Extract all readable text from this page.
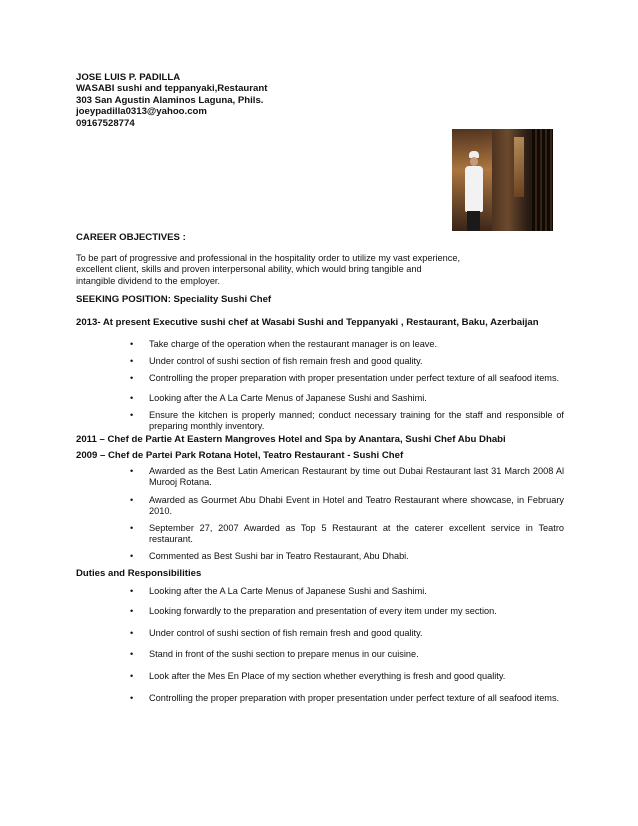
JOSE LUIS P. PADILLA
WASABI sushi and teppanyaki,Restaurant
303 San Agustin Alaminos Laguna, Phils.
joeypadilla0313@yahoo.com
09167528774
CAREER OBJECTIVES :
To be part of progressive and professional in the hospitality order to utilize my vast experience,
excellent client, skills and proven interpersonal ability, which would bring tangible and
intangible dividend to the employer.
SEEKING POSITION: Speciality Sushi Chef
2013- At present Executive sushi chef at Wasabi Sushi and Teppanyaki , Restaurant, Baku, Azerbaijan
• Take charge of the operation when the restaurant manager is on leave.
• Under control of sushi section of fish remain fresh and good quality.
• Controlling the proper preparation with proper presentation under perfect texture of all seafood items.
• Looking after the A La Carte Menus of Japanese Sushi and Sashimi.
• Ensure the kitchen is properly manned; conduct necessary training for the staff and responsible of preparing monthly inventory.
2011 – Chef de Partie At Eastern Mangroves Hotel and Spa by Anantara, Sushi Chef Abu Dhabi
2009 – Chef de Partei Park Rotana Hotel, Teatro Restaurant - Sushi Chef
• Awarded as the Best Latin American Restaurant by time out Dubai Restaurant last 31 March 2008 Al Murooj Rotana.
• Awarded as Gourmet Abu Dhabi Event in Hotel and Teatro Restaurant where showcase, in February 2010.
• September 27, 2007 Awarded as Top 5 Restaurant at the caterer excellent service in Teatro restaurant.
• Commented as Best Sushi bar in Teatro Restaurant, Abu Dhabi.
Duties and Responsibilities
• Looking after the A La Carte Menus of Japanese Sushi and Sashimi.
• Looking forwardly to the preparation and presentation of every item under my section.
• Under control of sushi section of fish remain fresh and good quality.
• Stand in front of the sushi section to prepare menus in our cuisine.
• Look after the Mes En Place of my section whether everything is fresh and good quality.
• Controlling the proper preparation with proper presentation under perfect texture of all seafood items.
